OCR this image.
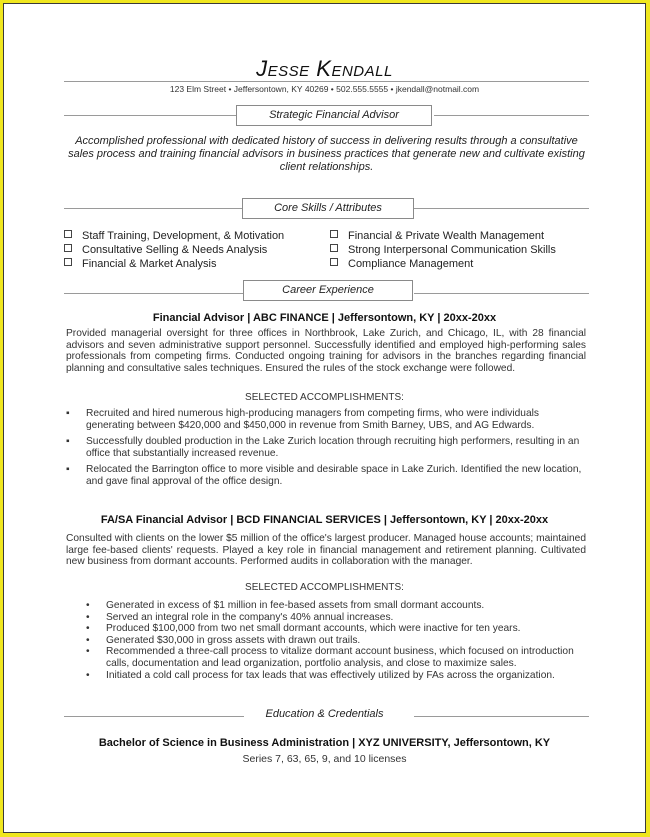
Jesse Kendall
123 Elm Street • Jeffersontown, KY 40269 • 502.555.5555 • jkendall@notmail.com
Strategic Financial Advisor
Accomplished professional with dedicated history of success in delivering results through a consultative sales process and training financial advisors in business practices that generate new and cultivate existing client relationships.
Core Skills / Attributes
Staff Training, Development, & Motivation
Consultative Selling & Needs Analysis
Financial & Market Analysis
Financial & Private Wealth Management
Strong Interpersonal Communication Skills
Compliance Management
Career Experience
Financial Advisor | ABC FINANCE | Jeffersontown, KY | 20xx-20xx
Provided managerial oversight for three offices in Northbrook, Lake Zurich, and Chicago, IL, with 28 financial advisors and seven administrative support personnel. Successfully identified and employed high-performing sales professionals from competing firms. Conducted ongoing training for advisors in the branches regarding financial planning and consultative sales techniques. Ensured the rules of the stock exchange were followed.
SELECTED ACCOMPLISHMENTS:
▪ Recruited and hired numerous high-producing managers from competing firms, who were individuals generating between $420,000 and $450,000 in revenue from Smith Barney, UBS, and AG Edwards.
▪ Successfully doubled production in the Lake Zurich location through recruiting high performers, resulting in an office that substantially increased revenue.
▪ Relocated the Barrington office to more visible and desirable space in Lake Zurich. Identified the new location, and gave final approval of the office design.
FA/SA Financial Advisor | BCD FINANCIAL SERVICES | Jeffersontown, KY | 20xx-20xx
Consulted with clients on the lower $5 million of the office's largest producer. Managed house accounts; maintained large fee-based clients' requests. Played a key role in financial management and retirement planning. Cultivated new business from dormant accounts. Performed audits in collaboration with the manager.
SELECTED ACCOMPLISHMENTS:
• Generated in excess of $1 million in fee-based assets from small dormant accounts.
• Served an integral role in the company's 40% annual increases.
• Produced $100,000 from two net small dormant accounts, which were inactive for ten years.
• Generated $30,000 in gross assets with drawn out trails.
• Recommended a three-call process to vitalize dormant account business, which focused on introduction calls, documentation and lead organization, portfolio analysis, and close to maximize sales.
• Initiated a cold call process for tax leads that was effectively utilized by FAs across the organization.
Education & Credentials
Bachelor of Science in Business Administration | XYZ UNIVERSITY, Jeffersontown, KY
Series 7, 63, 65, 9, and 10 licenses
